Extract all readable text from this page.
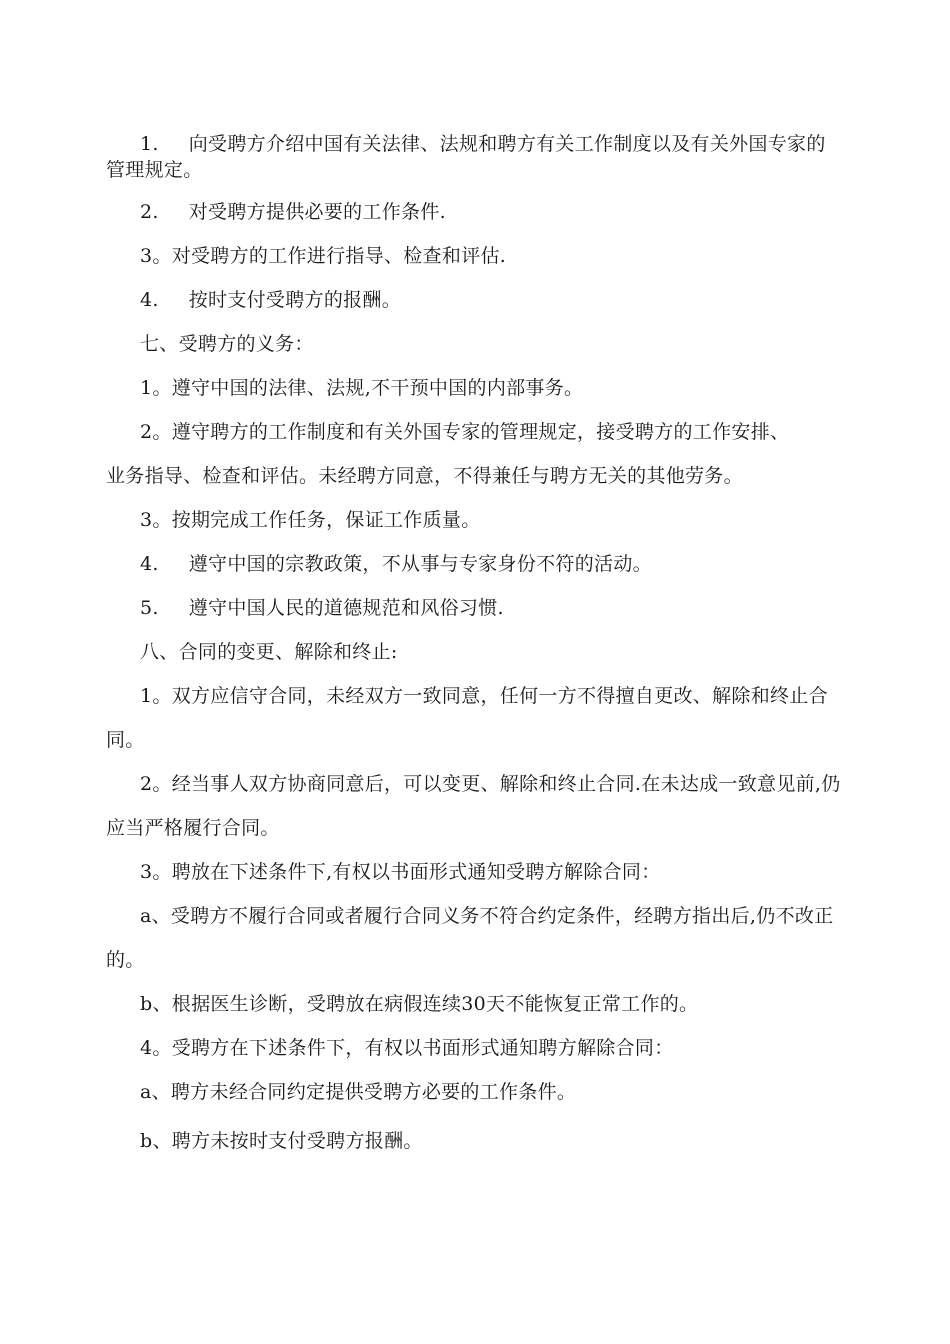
1. 向受聘方介绍中国有关法律、法规和聘方有关工作制度以及有关外国专家的管理规定。
2. 对受聘方提供必要的工作条件.
3。对受聘方的工作进行指导、检查和评估.
4. 按时支付受聘方的报酬。
七、受聘方的义务：
1。遵守中国的法律、法规,不干预中国的内部事务。
2。遵守聘方的工作制度和有关外国专家的管理规定，接受聘方的工作安排、
业务指导、检查和评估。未经聘方同意，不得兼任与聘方无关的其他劳务。
3。按期完成工作任务，保证工作质量。
4. 遵守中国的宗教政策，不从事与专家身份不符的活动。
5. 遵守中国人民的道德规范和风俗习惯.
八、合同的变更、解除和终止:
1。双方应信守合同，未经双方一致同意，任何一方不得擅自更改、解除和终止合同。
2。经当事人双方协商同意后，可以变更、解除和终止合同.在未达成一致意见前,仍应当严格履行合同。
3。聘放在下述条件下,有权以书面形式通知受聘方解除合同：
a、受聘方不履行合同或者履行合同义务不符合约定条件，经聘方指出后,仍不改正的。
b、根据医生诊断，受聘放在病假连续30天不能恢复正常工作的。
4。受聘方在下述条件下，有权以书面形式通知聘方解除合同：
a、聘方未经合同约定提供受聘方必要的工作条件。
b、聘方未按时支付受聘方报酬。
